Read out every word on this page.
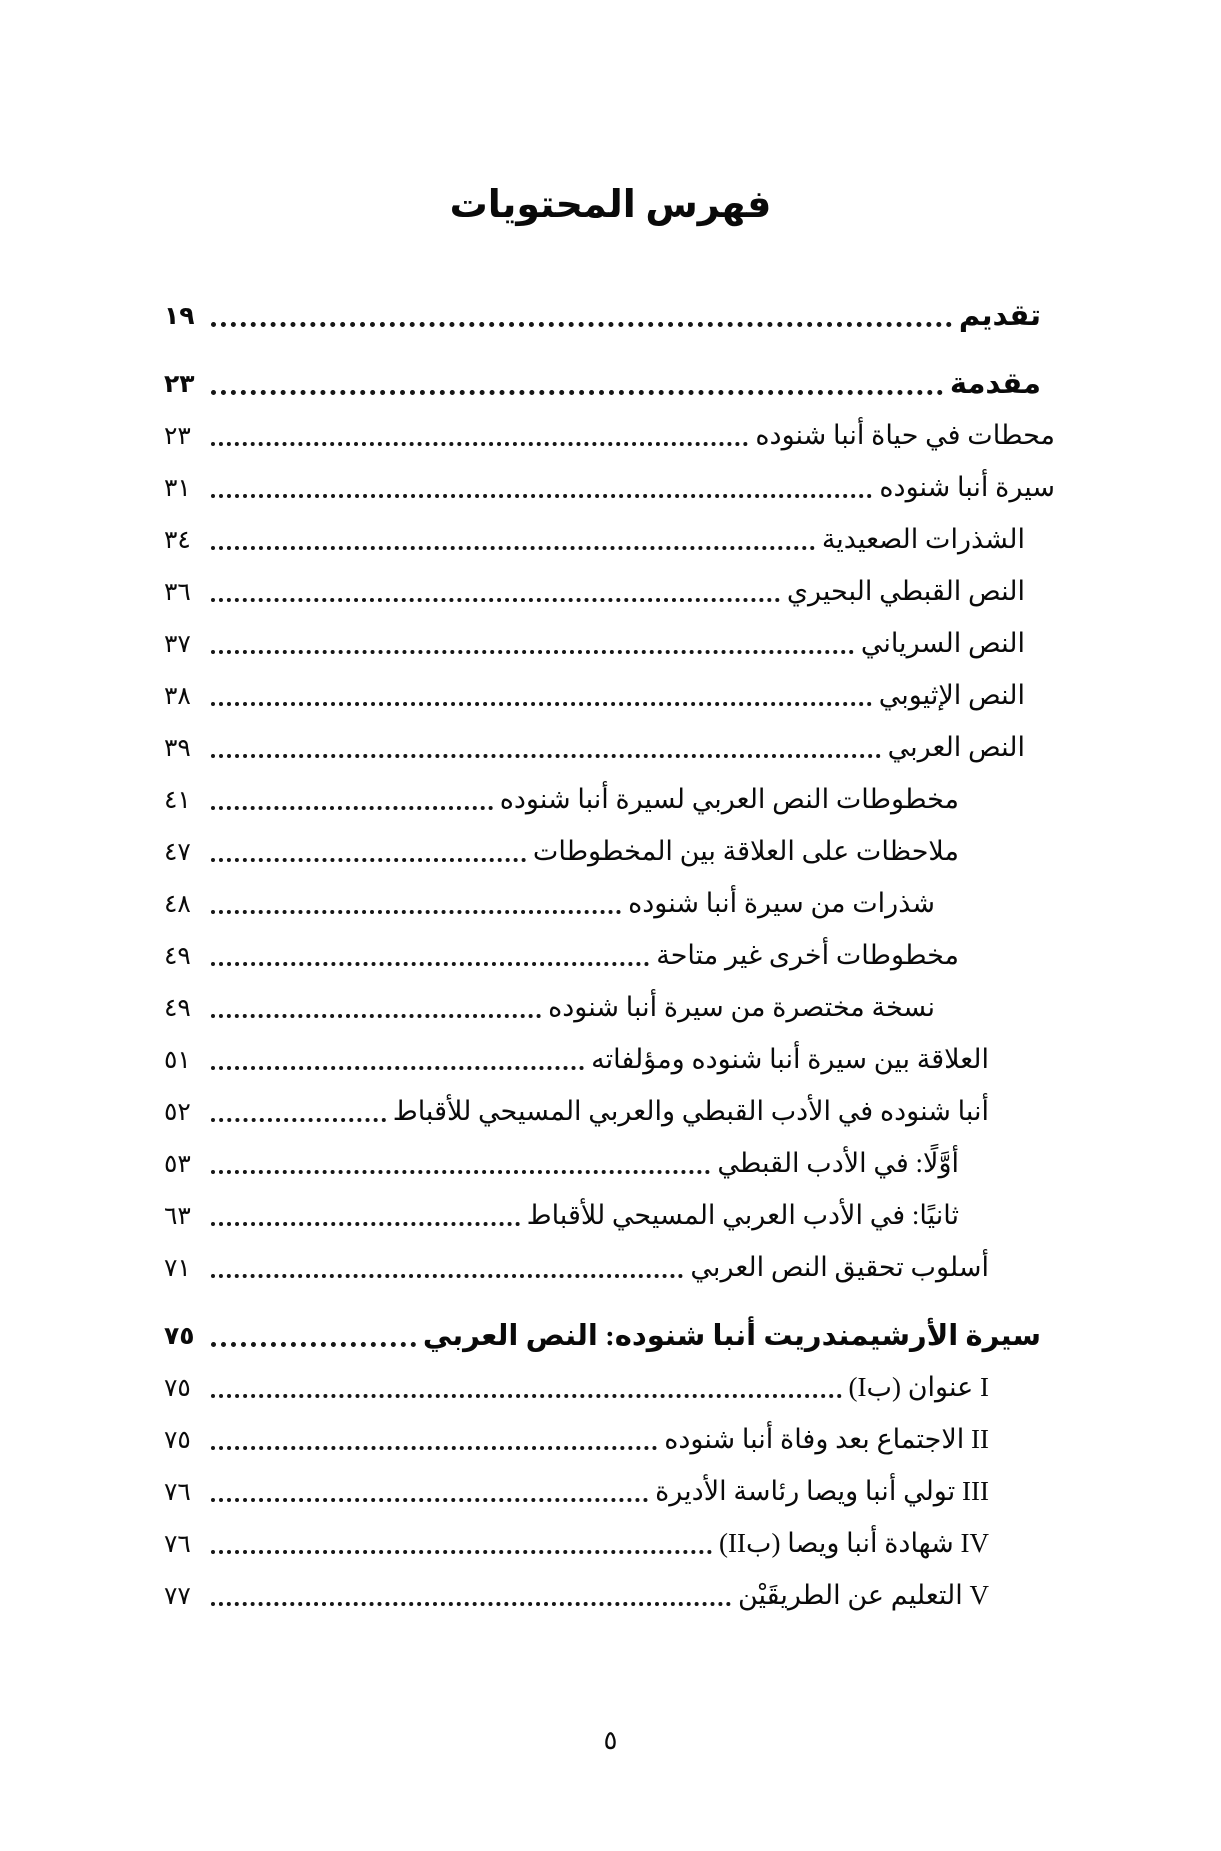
فهرس المحتويات
تقديم
١٩
مقدمة
٢٣
محطات في حياة أنبا شنوده
٢٣
سيرة أنبا شنوده
٣١
الشذرات الصعيدية
٣٤
النص القبطي البحيري
٣٦
النص السرياني
٣٧
النص الإثيوبي
٣٨
النص العربي
٣٩
مخطوطات النص العربي لسيرة أنبا شنوده
٤١
ملاحظات على العلاقة بين المخطوطات
٤٧
شذرات من سيرة أنبا شنوده
٤٨
مخطوطات أخرى غير متاحة
٤٩
نسخة مختصرة من سيرة أنبا شنوده
٤٩
العلاقة بين سيرة أنبا شنوده ومؤلفاته
٥١
أنبا شنوده في الأدب القبطي والعربي المسيحي للأقباط
٥٢
أوَّلًا: في الأدب القبطي
٥٣
ثانيًا: في الأدب العربي المسيحي للأقباط
٦٣
أسلوب تحقيق النص العربي
٧١
سيرة الأرشيمندريت أنبا شنوده: النص العربي
٧٥
I عنوان (بI)
٧٥
II الاجتماع بعد وفاة أنبا شنوده
٧٥
III تولي أنبا ويصا رئاسة الأديرة
٧٦
IV شهادة أنبا ويصا (بII)
٧٦
V التعليم عن الطريقَيْن
٧٧
٥
